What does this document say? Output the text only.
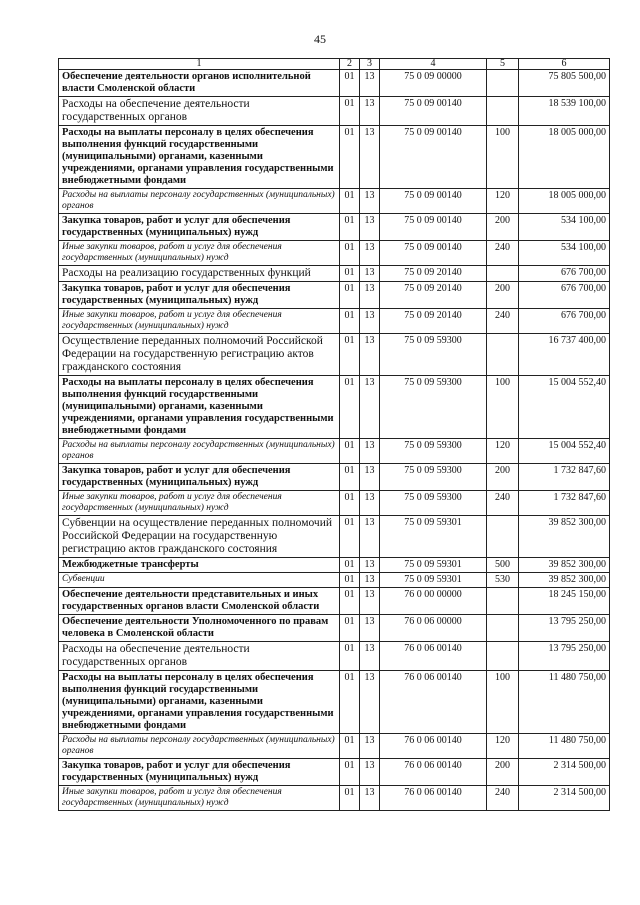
45
1	2	3	4	5	6
Обеспечение деятельности органов исполнительной власти Смоленской области	01	13	75 0 09 00000		75 805 500,00
Расходы на обеспечение деятельности государственных органов	01	13	75 0 09 00140		18 539 100,00
Расходы на выплаты персоналу в целях обеспечения выполнения функций государственными (муниципальными) органами, казенными учреждениями, органами управления государственными внебюджетными фондами	01	13	75 0 09 00140	100	18 005 000,00
Расходы на выплаты персоналу государственных (муниципальных) органов	01	13	75 0 09 00140	120	18 005 000,00
Закупка товаров, работ и услуг для обеспечения государственных (муниципальных) нужд	01	13	75 0 09 00140	200	534 100,00
Иные закупки товаров, работ и услуг для обеспечения государственных (муниципальных) нужд	01	13	75 0 09 00140	240	534 100,00
Расходы на реализацию государственных функций	01	13	75 0 09 20140		676 700,00
Закупка товаров, работ и услуг для обеспечения государственных (муниципальных) нужд	01	13	75 0 09 20140	200	676 700,00
Иные закупки товаров, работ и услуг для обеспечения государственных (муниципальных) нужд	01	13	75 0 09 20140	240	676 700,00
Осуществление переданных полномочий Российской Федерации на государственную регистрацию актов гражданского состояния	01	13	75 0 09 59300		16 737 400,00
Расходы на выплаты персоналу в целях обеспечения выполнения функций государственными (муниципальными) органами, казенными учреждениями, органами управления государственными внебюджетными фондами	01	13	75 0 09 59300	100	15 004 552,40
Расходы на выплаты персоналу государственных (муниципальных) органов	01	13	75 0 09 59300	120	15 004 552,40
Закупка товаров, работ и услуг для обеспечения государственных (муниципальных) нужд	01	13	75 0 09 59300	200	1 732 847,60
Иные закупки товаров, работ и услуг для обеспечения государственных (муниципальных) нужд	01	13	75 0 09 59300	240	1 732 847,60
Субвенции на осуществление переданных полномочий Российской Федерации на государственную регистрацию актов гражданского состояния	01	13	75 0 09 59301		39 852 300,00
Межбюджетные трансферты	01	13	75 0 09 59301	500	39 852 300,00
Субвенции	01	13	75 0 09 59301	530	39 852 300,00
Обеспечение деятельности представительных и иных государственных органов власти Смоленской области	01	13	76 0 00 00000		18 245 150,00
Обеспечение деятельности Уполномоченного по правам человека в Смоленской области	01	13	76 0 06 00000		13 795 250,00
Расходы на обеспечение деятельности государственных органов	01	13	76 0 06 00140		13 795 250,00
Расходы на выплаты персоналу в целях обеспечения выполнения функций государственными (муниципальными) органами, казенными учреждениями, органами управления государственными внебюджетными фондами	01	13	76 0 06 00140	100	11 480 750,00
Расходы на выплаты персоналу государственных (муниципальных) органов	01	13	76 0 06 00140	120	11 480 750,00
Закупка товаров, работ и услуг для обеспечения государственных (муниципальных) нужд	01	13	76 0 06 00140	200	2 314 500,00
Иные закупки товаров, работ и услуг для обеспечения государственных (муниципальных) нужд	01	13	76 0 06 00140	240	2 314 500,00
